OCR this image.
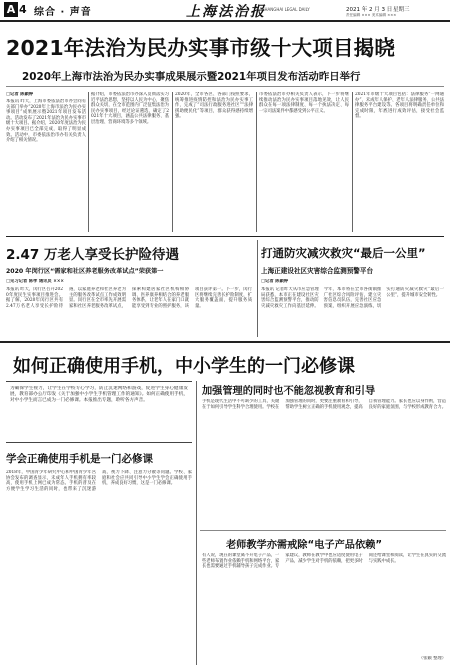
A 4 综合 · 声音	上海法治报
SHANGHAI LEGAL DAILY	2021 年 2 月 3 日 星期三
责任编辑 ××× 美术编辑 ×××
2021年法治为民办实事市级十大项目揭晓
2020年上海市法治为民办实事成果展示暨2021年项目发布活动昨日举行
□记者 陈颖婷
本报讯 昨天，上海市委依法治市办会同有关部门举办“2020年上海市法治为民办实事项目”成果展示暨2021年项目发布活动。活动发布了2021年法治为民办实事市级十大项目。据介绍，2020年度法治为民办实事项目已全部完成，取得了明显成效。活动中，市委依法治市办有关负责人介绍了相关情况。
据介绍，市委依法治市办深入贯彻落实习近平法治思想，坚持以人民为中心，聚焦群众关切，在全市范围内广泛征集法治为民办实事项目，经过论证遴选，确定了2021年十大项目，涵盖公共法律服务、基层治理、营商环境等多个领域。
2020年，全市各区、各部门按照要求，统筹推进疫情防控和法治为民办实事工作，完成了“司法行政服务进社区”“法律援助便民化”等项目，群众获得感持续增强。
市委依法治市办相关负责人表示，下一步将继续推动法治为民办实事项目落地见效，让人民群众在每一项法律制度、每一个执法决定、每一宗司法案件中都感受到公平正义。
2021年市级十大项目包括：法律服务“一网通办”、未成年人保护、老年人法律服务、公共法律服务平台建设等。各项目将明确责任单位和完成时限，年底进行成效评估，接受社会监督。
2.47 万老人享受长护险待遇
2020 年闵行区“需家和社区养老服务改革试点”荣获第一
□见习记者 陈孝 通讯员 ×××
本报讯 昨天，闵行区召开2020年度民生实事项目推进会。据了解，2020年闵行区共有2.47万名老人享受长护险待遇，以家庭养老和社区养老为主的服务改革试点工作成效明显。闵行区在全市率先开展需家和社区养老服务改革试点，探索构建居家社区机构相协调、医养康养相结合的养老服务体系，让老年人在家门口就能享受到专业的照护服务，该项目获评第一。下一步，闵行区将继续完善长护险制度，扩大服务覆盖面，提升服务质量。
打通防灾减灾救灾“最后一公里”
上海正建设社区灾害综合监测预警平台
□记者 陈颖婷
本报讯 记者昨天从市应急管理局获悉，本市正在建设社区灾害综合监测预警平台，推动防灾减灾救灾工作向基层延伸。今年，本市将在全市各街镇推广社区综合风险评估，建立灾害信息员队伍，完善社区应急预案，组织开展应急演练，切实打通防灾减灾救灾“最后一公里”，提升城市安全韧性。
如何正确使用手机，中小学生的一门必修课
为确保学生视力，让学生在学校专心学习，防止沉迷网络和游戏，促进学生身心健康发展，教育部办公厅印发《关于加强中小学生手机管理工作的通知》。如何正确使用手机，对中小学生而言已成为一门必修课。本报推出专题，聆听各方声音。
学会正确使用手机是一门必修课
2018年，中国青少年研究中心和中国青少年宫协会发布的调查显示，未成年人手机拥有率较高，使用手机上网已成为常态。手机的普及在方便学生学习生活的同时，也带来了沉迷游戏、视力下降、注意力分散等问题。学校、家庭和社会应共同引导中小学生学会正确使用手机，养成良好习惯，这是一门必修课。
加强管理的同时也不能忽视教育和引导
手机是现代生活中不可缺少的工具，关键在于如何引导学生科学合理使用。学校在加强管理的同时，更要注重教育和引导，帮助学生树立正确的手机使用观念，提高自我管理能力。家长也应以身作则，营造良好的家庭氛围，与学校形成教育合力。
老师教学亦需戒除“电子产品依赖”
有人说，现在的课堂离不开电子产品，一些老师布置作业依赖手机和网络平台，家长也需要通过手机辅导孩子完成作业。专家建议，教师在教学中也应适度使用电子产品，减少学生对手机的依赖，把更多时间还给课堂和阅读，让学生在真实的交流与实践中成长。
（张颖 整理）
